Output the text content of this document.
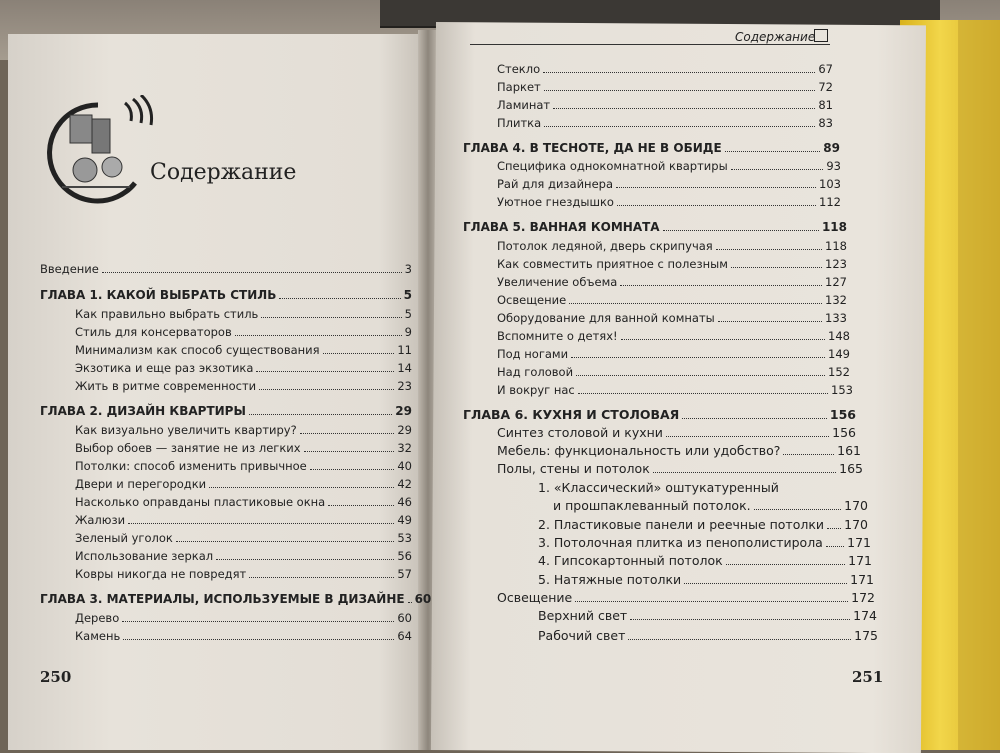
Содержание
Содержание
Введение	3
ГЛАВА 1. КАКОЙ ВЫБРАТЬ СТИЛЬ	5
Как правильно выбрать стиль	5
Стиль для консерваторов	9
Минимализм как способ существования	11
Экзотика и еще раз экзотика	14
Жить в ритме современности	23
ГЛАВА 2. ДИЗАЙН КВАРТИРЫ	29
Как визуально увеличить квартиру?	29
Выбор обоев — занятие не из легких	32
Потолки: способ изменить привычное	40
Двери и перегородки	42
Насколько оправданы пластиковые окна	46
Жалюзи	49
Зеленый уголок	53
Использование зеркал	56
Ковры никогда не повредят	57
ГЛАВА 3. МАТЕРИАЛЫ, ИСПОЛЬЗУЕМЫЕ В ДИЗАЙНЕ 60
Дерево	60
Камень	64
250
Стекло	67
Паркет	72
Ламинат	81
Плитка	83
ГЛАВА 4. В ТЕСНОТЕ, ДА НЕ В ОБИДЕ	89
Специфика однокомнатной квартиры	93
Рай для дизайнера	103
Уютное гнездышко	112
ГЛАВА 5. ВАННАЯ КОМНАТА	118
Потолок ледяной, дверь скрипучая	118
Как совместить приятное с полезным	123
Увеличение объема	127
Освещение	132
Оборудование для ванной комнаты	133
Вспомните о детях!	148
Под ногами	149
Над головой	152
И вокруг нас	153
ГЛАВА 6. КУХНЯ И СТОЛОВАЯ	156
Синтез столовой и кухни	156
Мебель: функциональность или удобство?	161
Полы, стены и потолок	165
1. «Классический» оштукатуренный
и прошпаклеванный потолок.	170
2. Пластиковые панели и реечные потолки 170
3. Потолочная плитка из пенополистирола 171
4. Гипсокартонный потолок	171
5. Натяжные потолки	171
Освещение	172
Верхний свет	174
Рабочий свет	175
251
